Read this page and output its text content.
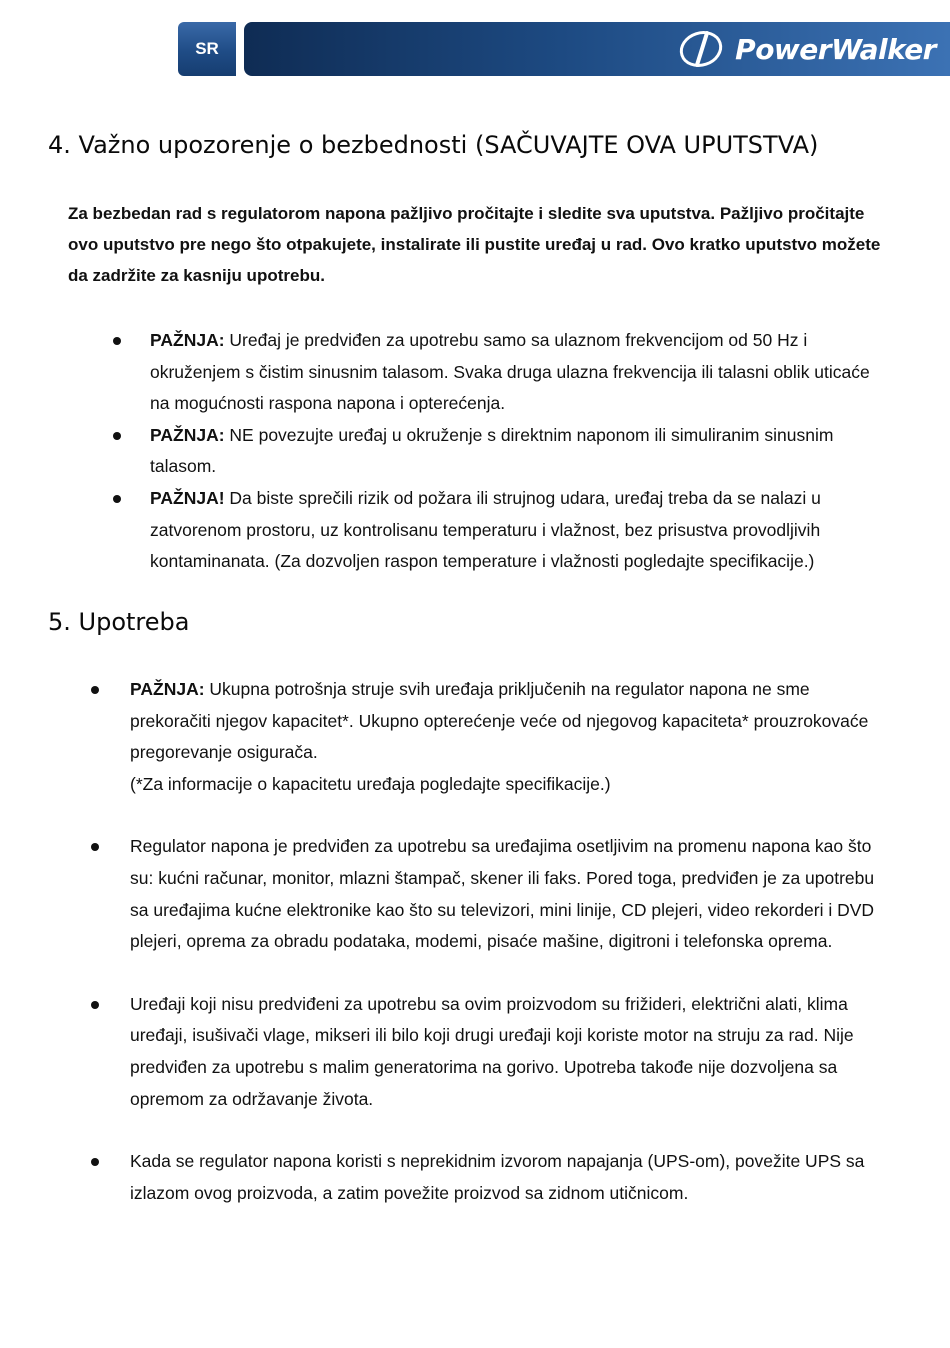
SR	PowerWalker
4. Važno upozorenje o bezbednosti (SAČUVAJTE OVA UPUTSTVA)

Za bezbedan rad s regulatorom napona pažljivo pročitajte i sledite sva uputstva. Pažljivo pročitajte ovo uputstvo pre nego što otpakujete, instalirate ili pustite uređaj u rad. Ovo kratko uputstvo možete da zadržite za kasniju upotrebu.

PAŽNJA: Uređaj je predviđen za upotrebu samo sa ulaznom frekvencijom od 50 Hz i okruženjem s čistim sinusnim talasom. Svaka druga ulazna frekvencija ili talasni oblik uticaće na mogućnosti raspona napona i opterećenja.
PAŽNJA: NE povezujte uređaj u okruženje s direktnim naponom ili simuliranim sinusnim talasom.
PAŽNJA! Da biste sprečili rizik od požara ili strujnog udara, uređaj treba da se nalazi u zatvorenom prostoru, uz kontrolisanu temperaturu i vlažnost, bez prisustva provodljivih kontaminanata. (Za dozvoljen raspon temperature i vlažnosti pogledajte specifikacije.)
5. Upotreba
PAŽNJA: Ukupna potrošnja struje svih uređaja priključenih na regulator napona ne sme prekoračiti njegov kapacitet*. Ukupno opterećenje veće od njegovog kapaciteta* prouzrokovaće pregorevanje osigurača.
(*Za informacije o kapacitetu uređaja pogledajte specifikacije.)
Regulator napona je predviđen za upotrebu sa uređajima osetljivim na promenu napona kao što su: kućni računar, monitor, mlazni štampač, skener ili faks. Pored toga, predviđen je za upotrebu sa uređajima kućne elektronike kao što su televizori, mini linije, CD plejeri, video rekorderi i DVD plejeri, oprema za obradu podataka, modemi, pisaće mašine, digitroni i telefonska oprema.
Uređaji koji nisu predviđeni za upotrebu sa ovim proizvodom su frižideri, električni alati, klima uređaji, isušivači vlage, mikseri ili bilo koji drugi uređaji koji koriste motor na struju za rad. Nije predviđen za upotrebu s malim generatorima na gorivo. Upotreba takođe nije dozvoljena sa opremom za održavanje života.
Kada se regulator napona koristi s neprekidnim izvorom napajanja (UPS-om), povežite UPS sa izlazom ovog proizvoda, a zatim povežite proizvod sa zidnom utičnicom.
